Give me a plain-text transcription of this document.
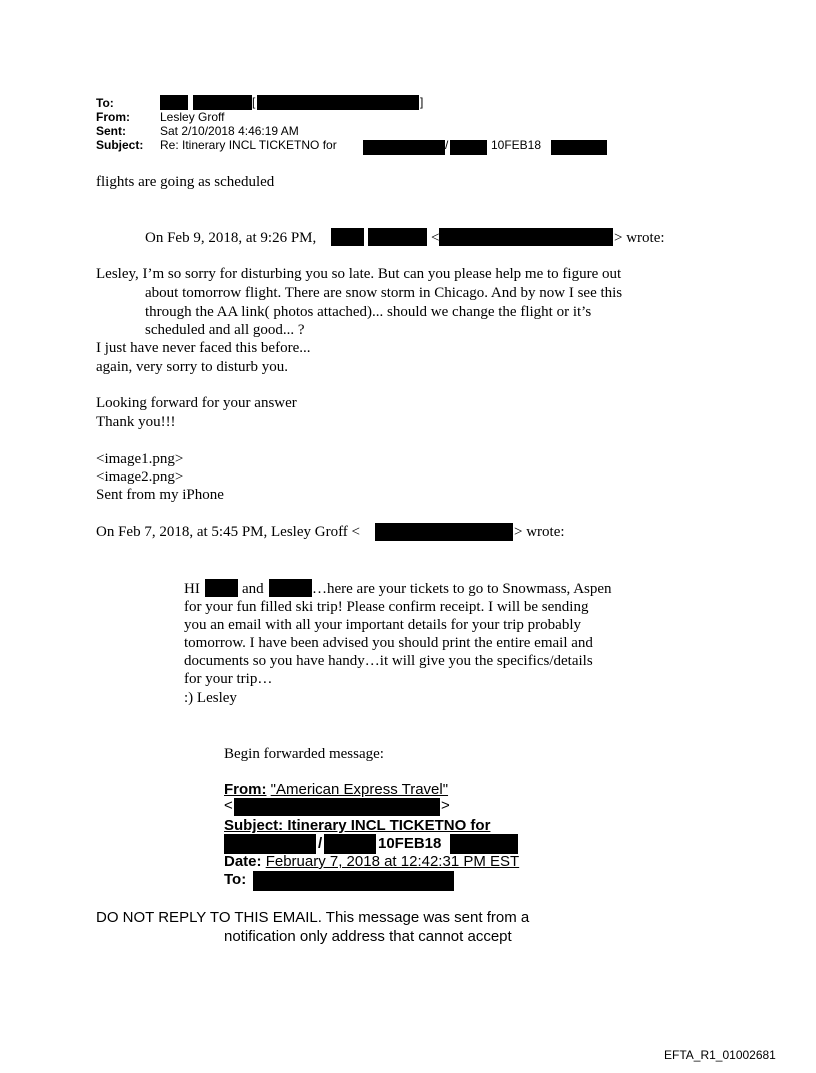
To:	[	]
From:	Lesley Groff
Sent:	Sat 2/10/2018 4:46:19 AM
Subject: Re: Itinerary INCL TICKETNO for	/	10FEB18
flights are going as scheduled
On Feb 9, 2018, at 9:26 PM,	<	> wrote:
Lesley, I’m so sorry for disturbing you so late. But can you please help me to figure out
about tomorrow flight. There are snow storm in Chicago. And by now I see this
through the AA link( photos attached)... should we change the flight or it’s
scheduled and all good... ?
I just have never faced this before...
again, very sorry to disturb you.
Looking forward for your answer
Thank you!!!
<image1.png>
<image2.png>
Sent from my iPhone
On Feb 7, 2018, at 5:45 PM, Lesley Groff <	> wrote:
HI	and	…here are your tickets to go to Snowmass, Aspen
for your fun filled ski trip! Please confirm receipt. I will be sending
you an email with all your important details for your trip probably
tomorrow. I have been advised you should print the entire email and
documents so you have handy…it will give you the specifics/details
for your trip…
:) Lesley
Begin forwarded message:
From: "American Express Travel"
<	>
Subject: Itinerary INCL TICKETNO for
/	10FEB18
Date: February 7, 2018 at 12:42:31 PM EST
To:
DO NOT REPLY TO THIS EMAIL. This message was sent from a
notification only address that cannot accept
EFTA_R1_01002681
